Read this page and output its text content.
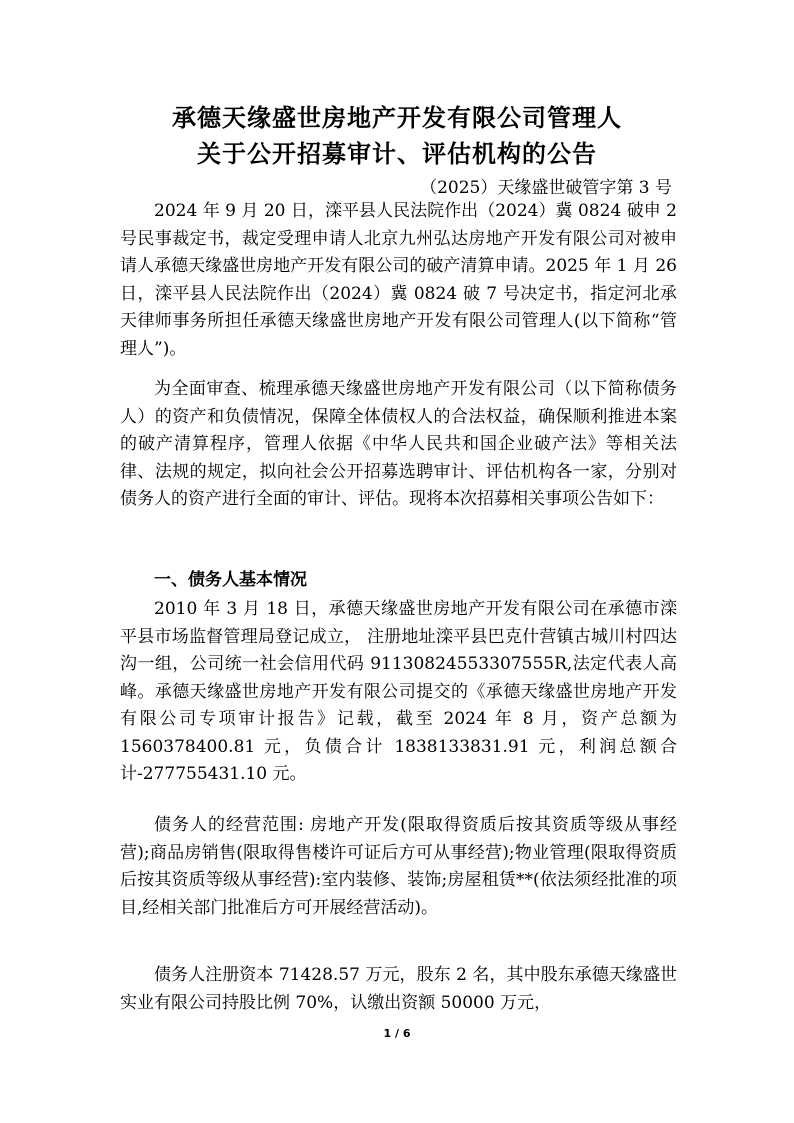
承德天缘盛世房地产开发有限公司管理人
关于公开招募审计、评估机构的公告
（2025）天缘盛世破管字第 3 号

2024 年 9 月 20 日，滦平县人民法院作出（2024）冀 0824 破申 2 号民事裁定书，裁定受理申请人北京九州弘达房地产开发有限公司对被申请人承德天缘盛世房地产开发有限公司的破产清算申请。2025 年 1 月 26 日，滦平县人民法院作出（2024）冀 0824 破 7 号决定书，指定河北承天律师事务所担任承德天缘盛世房地产开发有限公司管理人(以下简称“管理人”)。

为全面审查、梳理承德天缘盛世房地产开发有限公司（以下简称债务人）的资产和负债情况，保障全体债权人的合法权益，确保顺利推进本案的破产清算程序，管理人依据《中华人民共和国企业破产法》等相关法律、法规的规定，拟向社会公开招募选聘审计、评估机构各一家，分别对债务人的资产进行全面的审计、评估。现将本次招募相关事项公告如下：

一、债务人基本情况

2010 年 3 月 18 日，承德天缘盛世房地产开发有限公司在承德市滦平县市场监督管理局登记成立， 注册地址滦平县巴克什营镇古城川村四达沟一组，公司统一社会信用代码 91130824553307555R,法定代表人高峰。承德天缘盛世房地产开发有限公司提交的《承德天缘盛世房地产开发有限公司专项审计报告》记载，截至 2024 年 8 月，资产总额为 1560378400.81 元，负债合计 1838133831.91 元，利润总额合计-277755431.10 元。

债务人的经营范围: 房地产开发(限取得资质后按其资质等级从事经营);商品房销售(限取得售楼许可证后方可从事经营);物业管理(限取得资质后按其资质等级从事经营):室内装修、装饰;房屋租赁**(依法须经批准的项目,经相关部门批准后方可开展经营活动)。

债务人注册资本 71428.57 万元，股东 2 名，其中股东承德天缘盛世实业有限公司持股比例 70%，认缴出资额 50000 万元，

1 / 6
